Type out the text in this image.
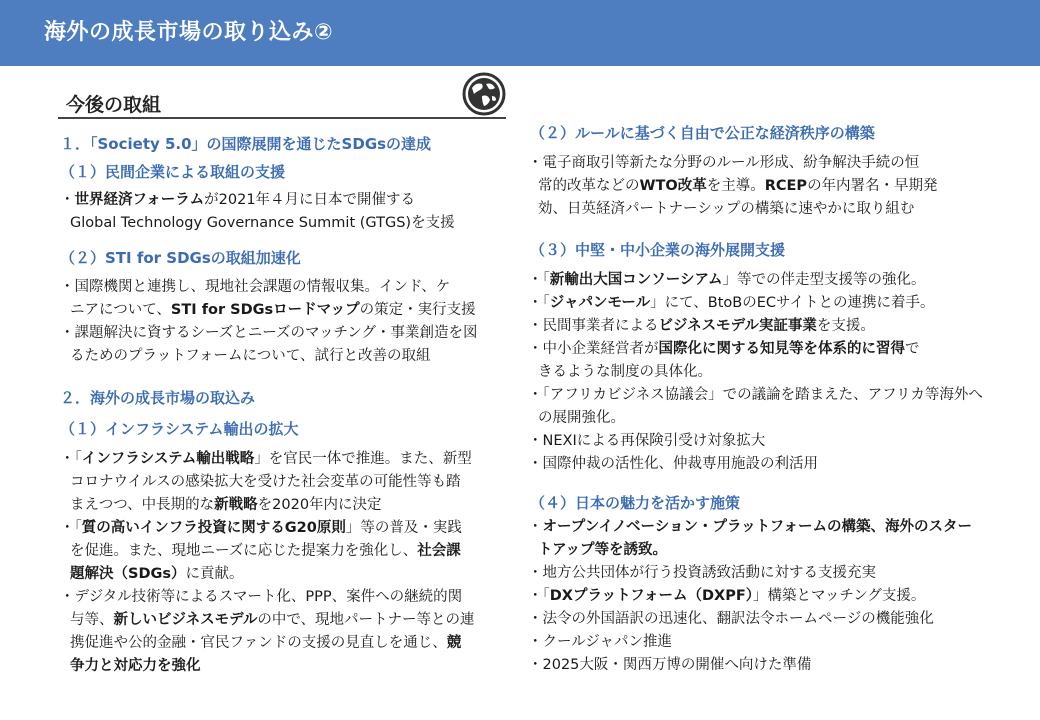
海外の成長市場の取り込み②
今後の取組
１．「Society 5.0」の国際展開を通じたSDGsの達成
（１）民間企業による取組の支援
・世界経済フォーラムが2021年４月に日本で開催する
Global Technology Governance Summit (GTGS)を支援
（２）STI for SDGsの取組加速化
・国際機関と連携し、現地社会課題の情報収集。インド、ケ
ニアについて、STI for SDGsロードマップの策定・実行支援
・課題解決に資するシーズとニーズのマッチング・事業創造を図
るためのプラットフォームについて、試行と改善の取組
２．海外の成長市場の取込み
（１）インフラシステム輸出の拡大
・「インフラシステム輸出戦略」を官民一体で推進。また、新型
コロナウイルスの感染拡大を受けた社会変革の可能性等も踏
まえつつ、中長期的な新戦略を2020年内に決定
・「質の高いインフラ投資に関するG20原則」等の普及・実践
を促進。また、現地ニーズに応じた提案力を強化し、社会課
題解決（SDGs）に貢献。
・デジタル技術等によるスマート化、PPP、案件への継続的関
与等、新しいビジネスモデルの中で、現地パートナー等との連
携促進や公的金融・官民ファンドの支援の見直しを通じ、競
争力と対応力を強化
（２）ルールに基づく自由で公正な経済秩序の構築
・電子商取引等新たな分野のルール形成、紛争解決手続の恒
常的改革などのWTO改革を主導。RCEPの年内署名・早期発
効、日英経済パートナーシップの構築に速やかに取り組む
（３）中堅・中小企業の海外展開支援
・「新輸出大国コンソーシアム」等での伴走型支援等の強化。
・「ジャパンモール」にて、BtoBのECサイトとの連携に着手。
・民間事業者によるビジネスモデル実証事業を支援。
・中小企業経営者が国際化に関する知見等を体系的に習得で
きるような制度の具体化。
・「アフリカビジネス協議会」での議論を踏まえた、アフリカ等海外へ
の展開強化。
・NEXIによる再保険引受け対象拡大
・国際仲裁の活性化、仲裁専用施設の利活用
（４）日本の魅力を活かす施策
・オープンイノベーション・プラットフォームの構築、海外のスター
トアップ等を誘致。
・地方公共団体が行う投資誘致活動に対する支援充実
・「DXプラットフォーム（DXPF）」構築とマッチング支援。
・法令の外国語訳の迅速化、翻訳法令ホームページの機能強化
・クールジャパン推進
・2025大阪・関西万博の開催へ向けた準備
